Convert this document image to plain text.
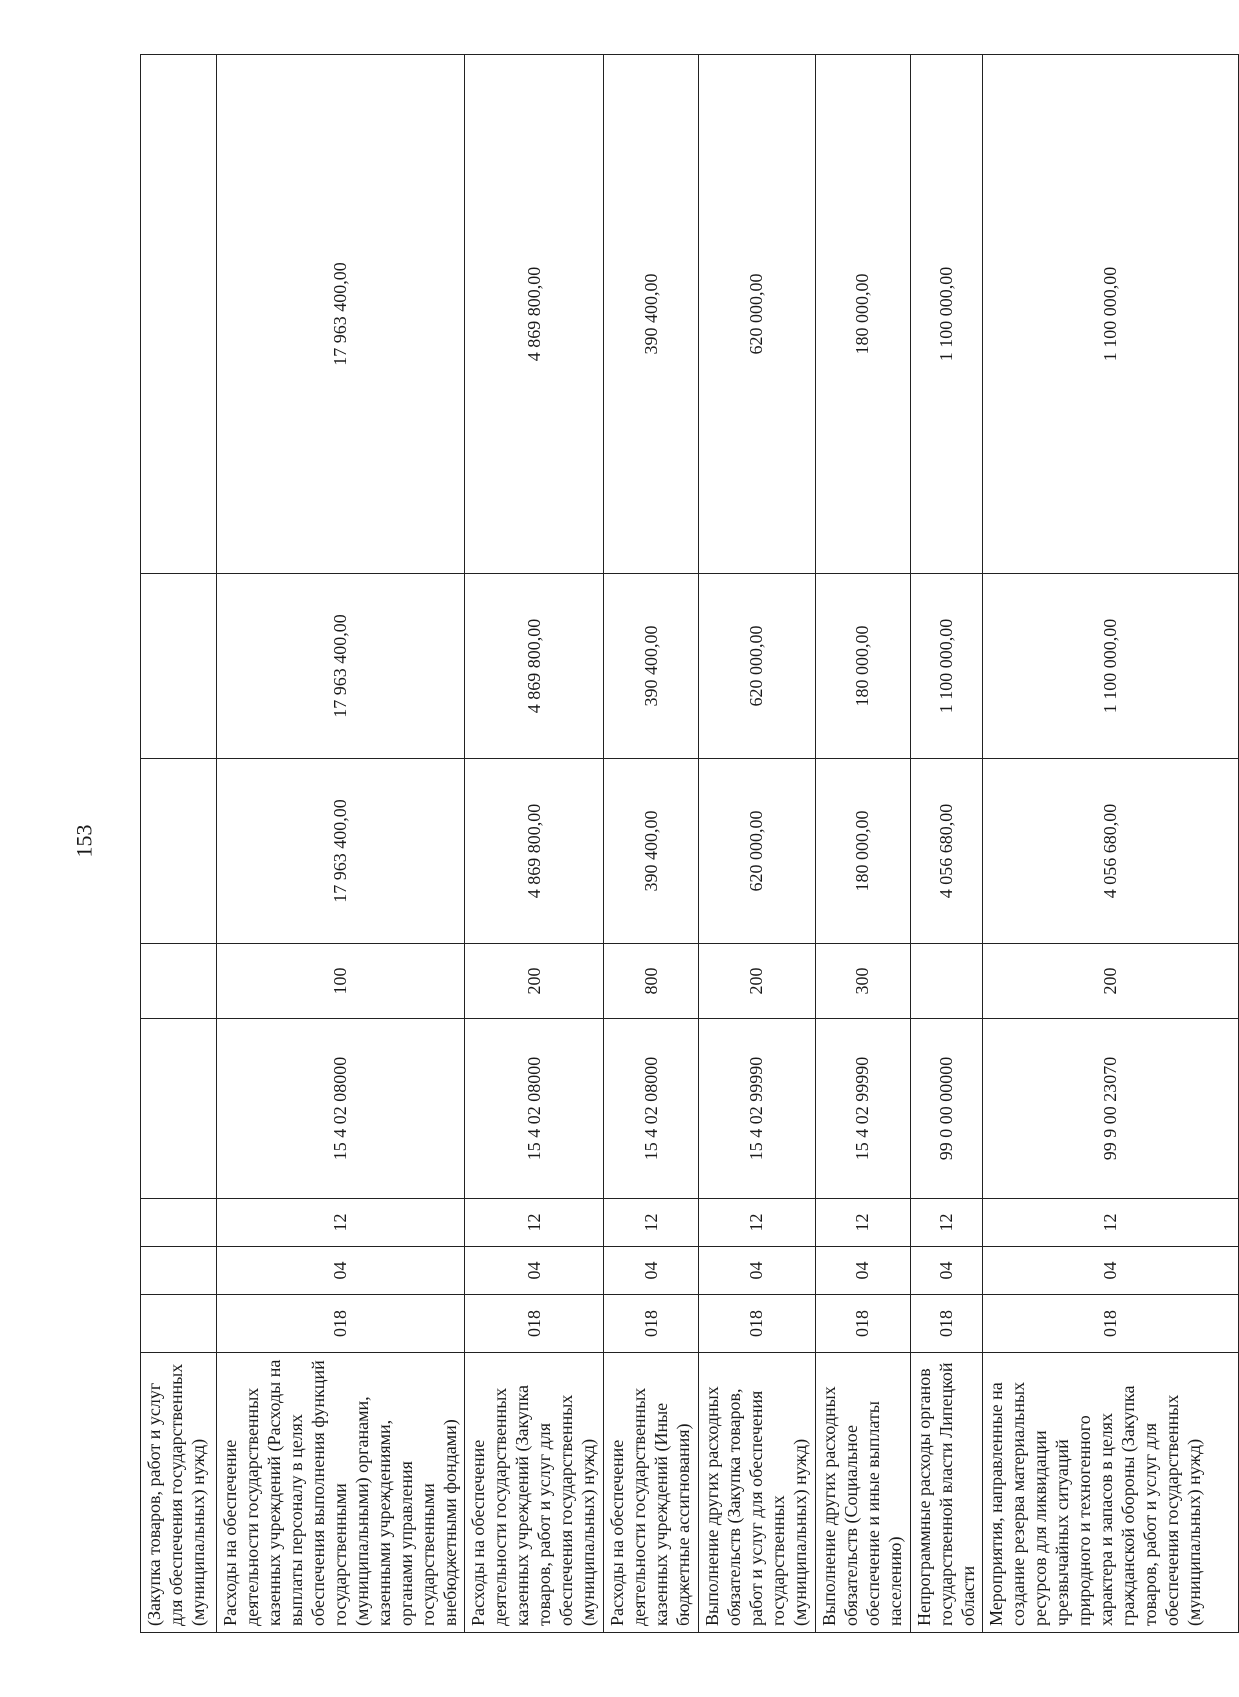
153
(Закупка товаров, работ и услуг для обеспечения государственных (муниципальных) нужд)								
Расходы на обеспечение деятельности государственных казенных учреждений (Расходы на выплаты персоналу в целях обеспечения выполнения функций государственными (муниципальными) органами, казенными учреждениями, органами управления государственными внебюджетными фондами)	018	04	12	15 4 02 08000	100	17 963 400,00	17 963 400,00	17 963 400,00
Расходы на обеспечение деятельности государственных казенных учреждений (Закупка товаров, работ и услуг для обеспечения государственных (муниципальных) нужд)	018	04	12	15 4 02 08000	200	4 869 800,00	4 869 800,00	4 869 800,00
Расходы на обеспечение деятельности государственных казенных учреждений (Иные бюджетные ассигнования)	018	04	12	15 4 02 08000	800	390 400,00	390 400,00	390 400,00
Выполнение других расходных обязательств (Закупка товаров, работ и услуг для обеспечения государственных (муниципальных) нужд)	018	04	12	15 4 02 99990	200	620 000,00	620 000,00	620 000,00
Выполнение других расходных обязательств (Социальное обеспечение и иные выплаты населению)	018	04	12	15 4 02 99990	300	180 000,00	180 000,00	180 000,00
Непрограммные расходы органов государственной власти Липецкой области	018	04	12	99 0 00 00000		4 056 680,00	1 100 000,00	1 100 000,00
Мероприятия, направленные на создание резерва материальных ресурсов для ликвидации чрезвычайных ситуаций природного и техногенного характера и запасов в целях гражданской обороны (Закупка товаров, работ и услуг для обеспечения государственных (муниципальных) нужд)	018	04	12	99 9 00 23070	200	4 056 680,00	1 100 000,00	1 100 000,00
